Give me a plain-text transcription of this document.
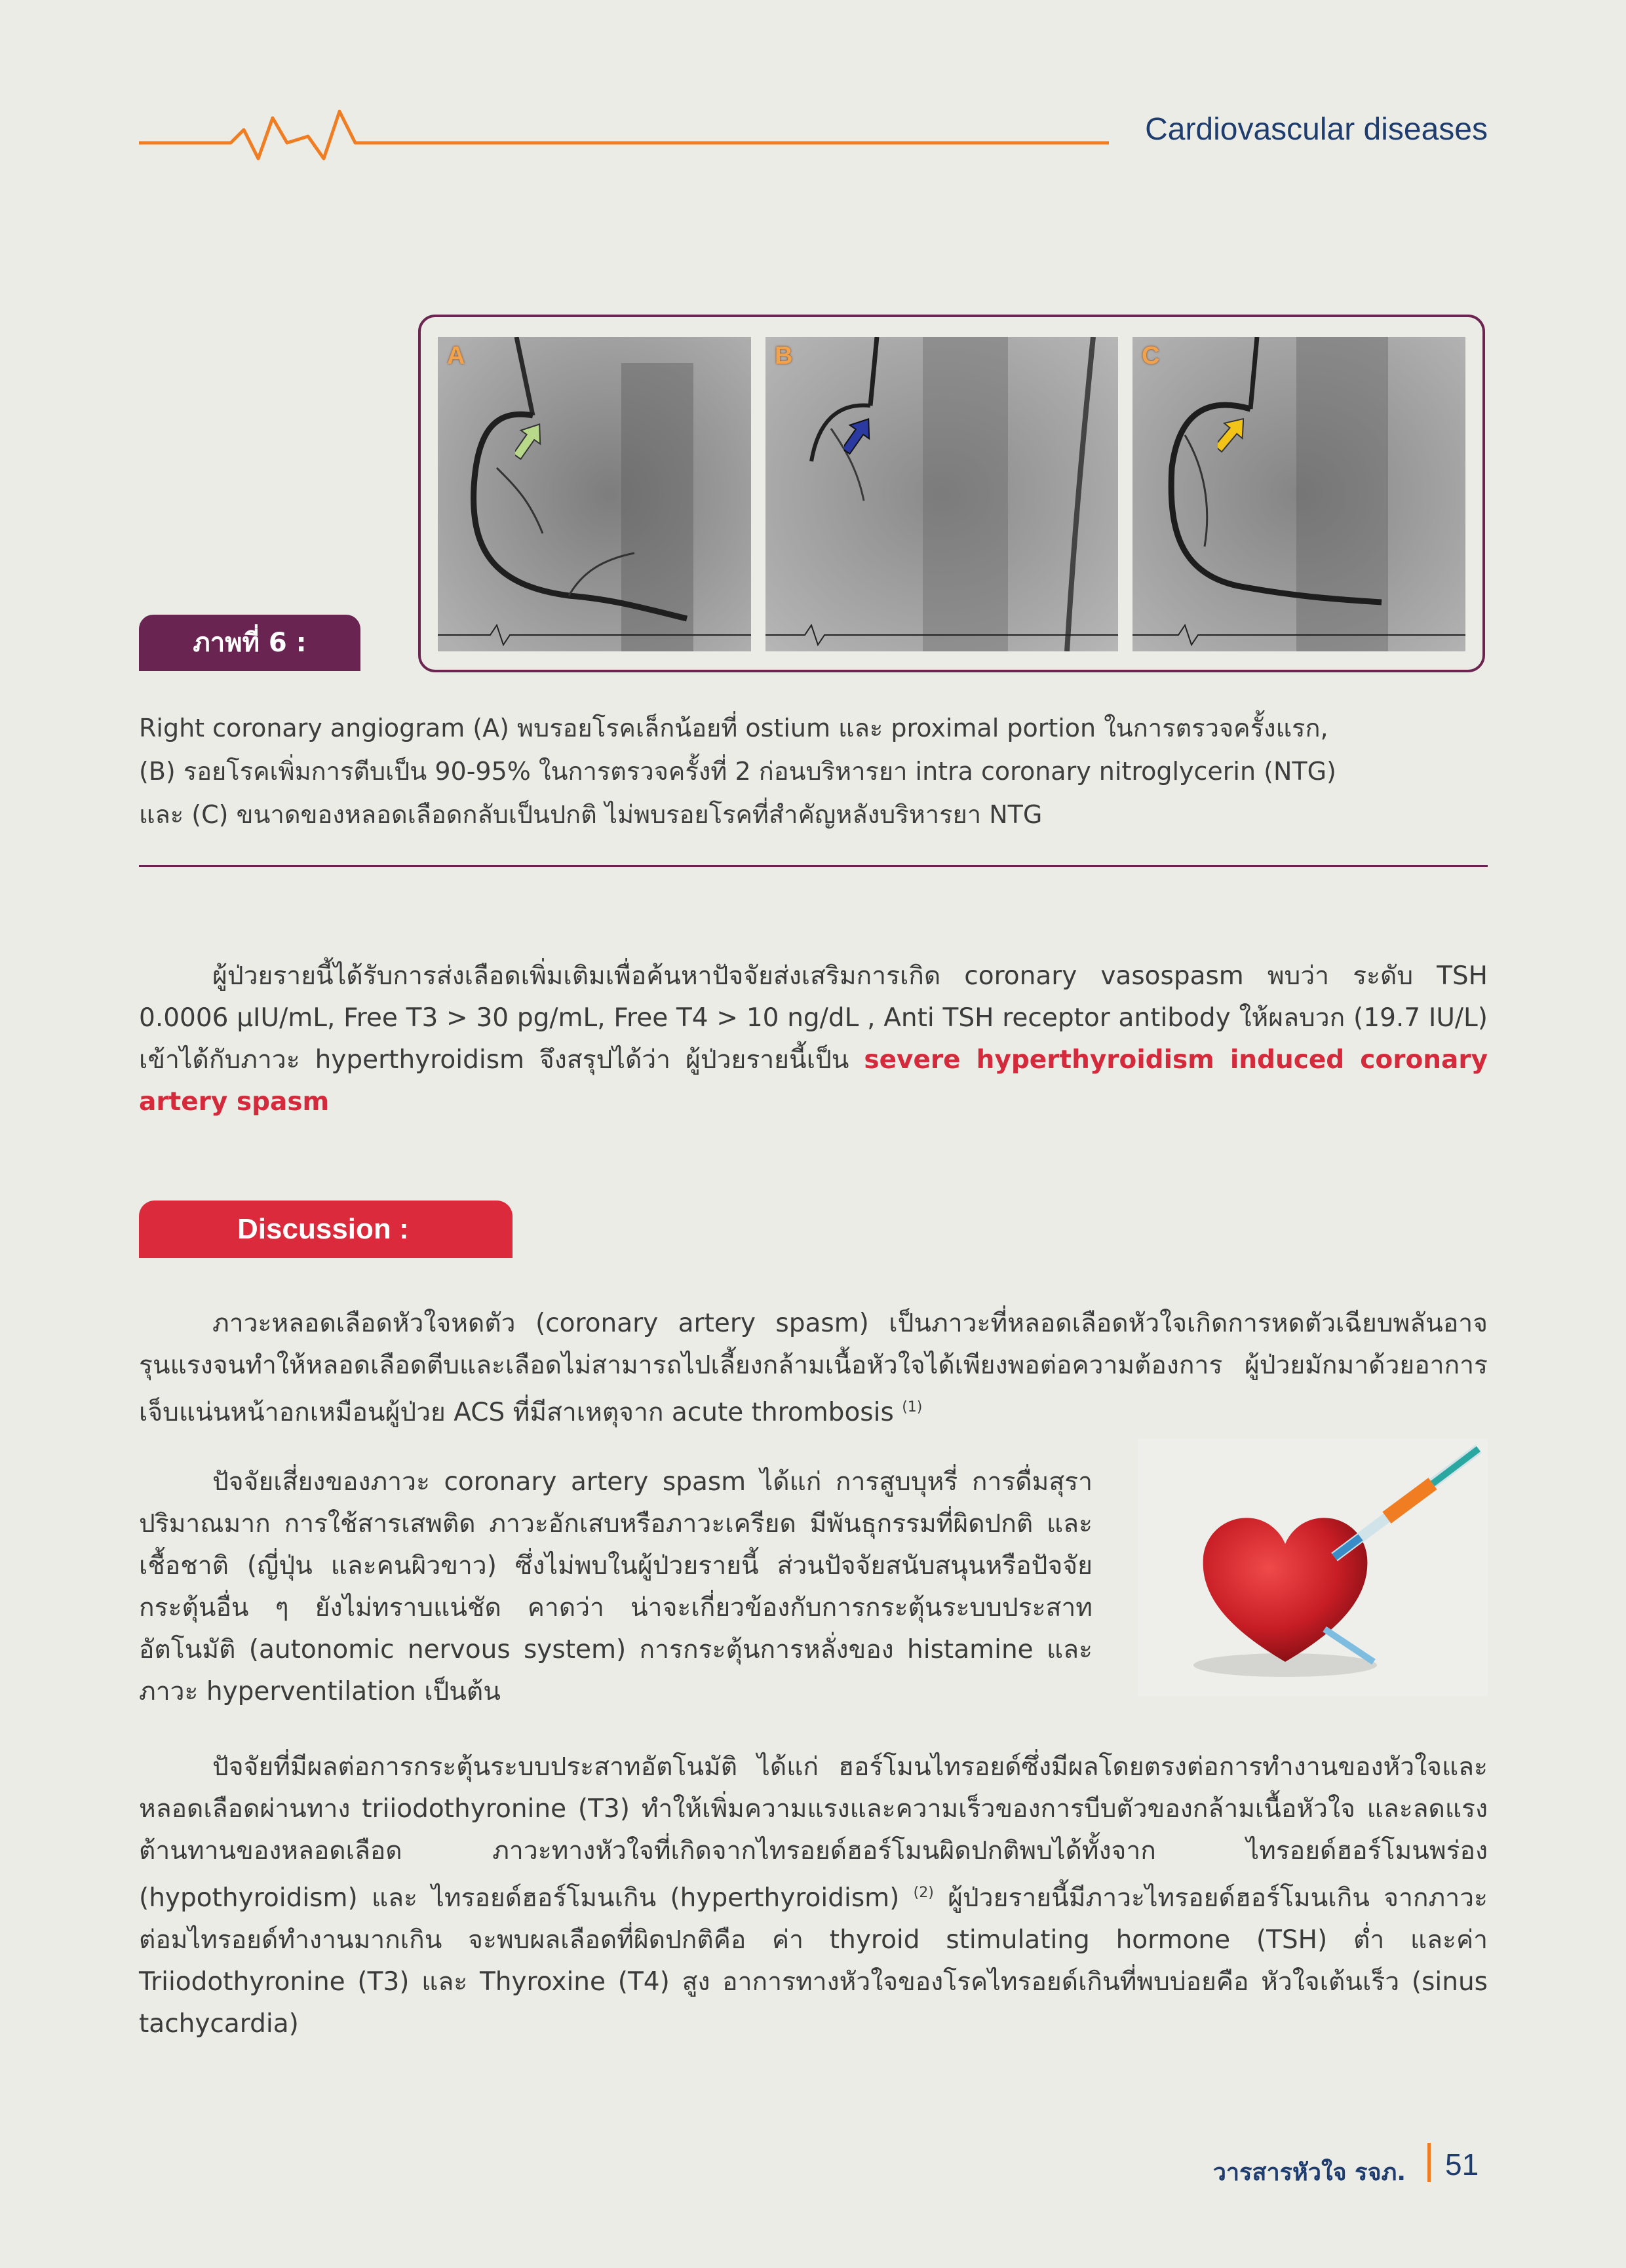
Cardiovascular diseases
A	B	C
ภาพที่ 6 :
Right coronary angiogram (A) พบรอยโรคเล็กน้อยที่ ostium และ proximal portion ในการตรวจครั้งแรก,
(B) รอยโรคเพิ่มการตีบเป็น 90-95% ในการตรวจครั้งที่ 2 ก่อนบริหารยา intra coronary nitroglycerin (NTG)
และ (C) ขนาดของหลอดเลือดกลับเป็นปกติ ไม่พบรอยโรคที่สำคัญหลังบริหารยา NTG
ผู้ป่วยรายนี้ได้รับการส่งเลือดเพิ่มเติมเพื่อค้นหาปัจจัยส่งเสริมการเกิด coronary vasospasm พบว่า ระดับ TSH 0.0006 μIU/mL, Free T3 > 30 pg/mL, Free T4 > 10 ng/dL , Anti TSH receptor antibody ให้ผลบวก (19.7 IU/L) เข้าได้กับภาวะ hyperthyroidism จึงสรุปได้ว่า ผู้ป่วยรายนี้เป็น severe hyperthyroidism induced coronary artery spasm
Discussion :
ภาวะหลอดเลือดหัวใจหดตัว (coronary artery spasm) เป็นภาวะที่หลอดเลือดหัวใจเกิดการหดตัวเฉียบพลันอาจรุนแรงจนทำให้หลอดเลือดตีบและเลือดไม่สามารถไปเลี้ยงกล้ามเนื้อหัวใจได้เพียงพอต่อความต้องการ ผู้ป่วยมักมาด้วยอาการเจ็บแน่นหน้าอกเหมือนผู้ป่วย ACS ที่มีสาเหตุจาก acute thrombosis $^{(1)}$
ปัจจัยเสี่ยงของภาวะ coronary artery spasm ได้แก่ การสูบบุหรี่ การดื่มสุราปริมาณมาก การใช้สารเสพติด ภาวะอักเสบหรือภาวะเครียด มีพันธุกรรมที่ผิดปกติ และเชื้อชาติ (ญี่ปุ่น และคนผิวขาว) ซึ่งไม่พบในผู้ป่วยรายนี้ ส่วนปัจจัยสนับสนุนหรือปัจจัยกระตุ้นอื่น ๆ ยังไม่ทราบแน่ชัด คาดว่า น่าจะเกี่ยวข้องกับการกระตุ้นระบบประสาทอัตโนมัติ (autonomic nervous system) การกระตุ้นการหลั่งของ histamine และภาวะ hyperventilation เป็นต้น
ปัจจัยที่มีผลต่อการกระตุ้นระบบประสาทอัตโนมัติ ได้แก่ ฮอร์โมนไทรอยด์ซึ่งมีผลโดยตรงต่อการทำงานของหัวใจและหลอดเลือดผ่านทาง triiodothyronine (T3) ทำให้เพิ่มความแรงและความเร็วของการบีบตัวของกล้ามเนื้อหัวใจ และลดแรงต้านทานของหลอดเลือด ภาวะทางหัวใจที่เกิดจากไทรอยด์ฮอร์โมนผิดปกติพบได้ทั้งจาก ไทรอยด์ฮอร์โมนพร่อง (hypothyroidism) และ ไทรอยด์ฮอร์โมนเกิน (hyperthyroidism) $^{(2)}$ ผู้ป่วยรายนี้มีภาวะไทรอยด์ฮอร์โมนเกิน จากภาวะต่อมไทรอยด์ทำงานมากเกิน จะพบผลเลือดที่ผิดปกติคือ ค่า thyroid stimulating hormone (TSH) ต่ำ และค่า Triiodothyronine (T3) และ Thyroxine (T4) สูง อาการทางหัวใจของโรคไทรอยด์เกินที่พบบ่อยคือ หัวใจเต้นเร็ว (sinus tachycardia)
วารสารหัวใจ รจภ. 51
